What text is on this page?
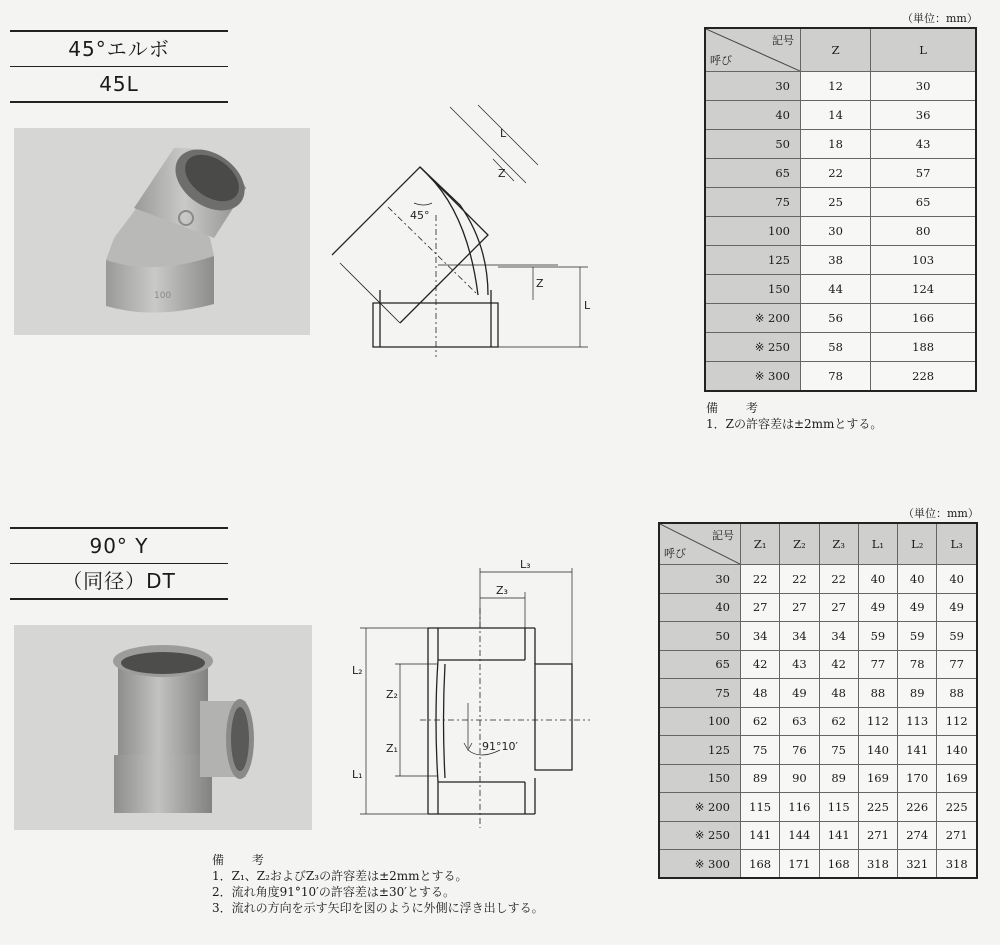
45°エルボ
45L
100
45°
L
Z
Z
L
（単位：mm）
記号
呼び	Z	L
30	12	30
40	14	36
50	18	43
65	22	57
75	25	65
100	30	80
125	38	103
150	44	124
※ 200	56	166
※ 250	58	188
※ 300	78	228
備 考
1．Zの許容差は±2mmとする。
90° Y
（同径）DT
L₃
Z₃
L₂
Z₂
Z₁
L₁
91°10′
（単位：mm）
記号
呼び	Z₁	Z₂	Z₃	L₁	L₂	L₃
30	22	22	22	40	40	40
40	27	27	27	49	49	49
50	34	34	34	59	59	59
65	42	43	42	77	78	77
75	48	49	48	88	89	88
100	62	63	62	112	113	112
125	75	76	75	140	141	140
150	89	90	89	169	170	169
※ 200	115	116	115	225	226	225
※ 250	141	144	141	271	274	271
※ 300	168	171	168	318	321	318
備 考
1．Z₁、Z₂およびZ₃の許容差は±2mmとする。
2．流れ角度91°10′の許容差は±30′とする。
3．流れの方向を示す矢印を図のように外側に浮き出しする。
